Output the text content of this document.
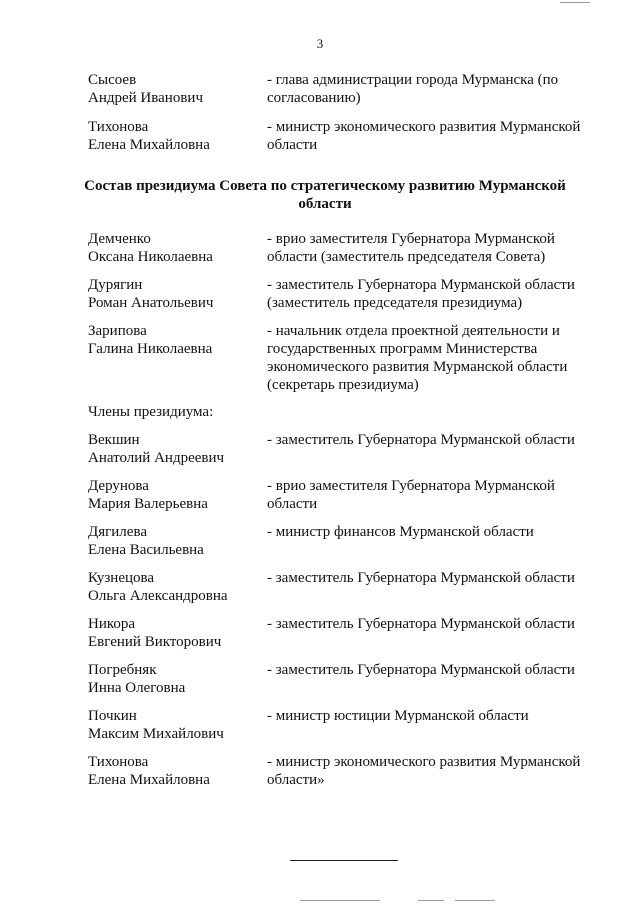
3
Сысоев
Андрей Иванович
- глава администрации города Мурманска (по
согласованию)
Тихонова
Елена Михайловна
- министр экономического развития Мурманской
области
Состав президиума Совета по стратегическому развитию Мурманской области
Демченко
Оксана Николаевна
- врио заместителя Губернатора Мурманской
области (заместитель председателя Совета)
Дурягин
Роман Анатольевич
- заместитель Губернатора Мурманской области
(заместитель председателя президиума)
Зарипова
Галина Николаевна
- начальник отдела проектной деятельности и
государственных программ Министерства
экономического развития Мурманской области
(секретарь президиума)
Члены президиума:
Векшин
Анатолий Андреевич
- заместитель Губернатора Мурманской области
Дерунова
Мария Валерьевна
- врио заместителя Губернатора Мурманской
области
Дягилева
Елена Васильевна
- министр финансов Мурманской области
Кузнецова
Ольга Александровна
- заместитель Губернатора Мурманской области
Никора
Евгений Викторович
- заместитель Губернатора Мурманской области
Погребняк
Инна Олеговна
- заместитель Губернатора Мурманской области
Почкин
Максим Михайлович
- министр юстиции Мурманской области
Тихонова
Елена Михайловна
- министр экономического развития Мурманской
области»
